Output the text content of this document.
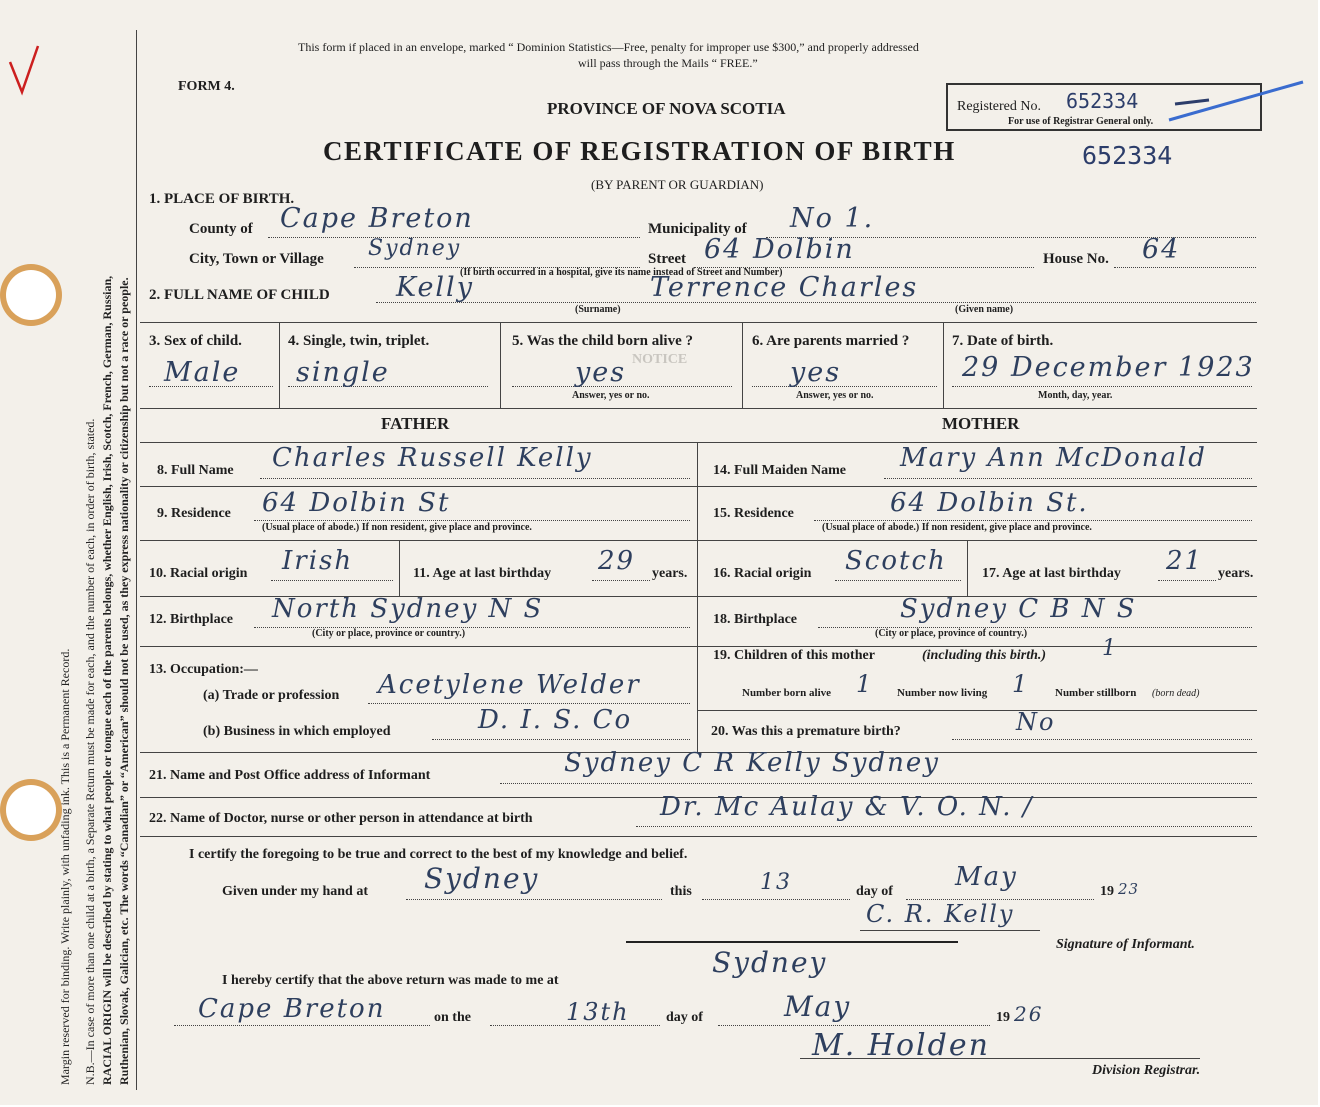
Margin reserved for binding. Write plainly, with unfading ink. This is a Permanent Record. N.B.—In case of more than one child at a birth, a Separate Return must be made for each, and the number of each, in order of birth, stated. RACIAL ORIGIN will be described by stating to what people or tongue each of the parents belongs, whether English, Irish, Scotch, French, German, Russian, Ruthenian, Slovak, Galician, etc. The words “Canadian” or “American” should not be used, as they express nationality or citizenship but not a race or people.
This form if placed in an envelope, marked “ Dominion Statistics—Free, penalty for improper use $300,” and properly addressed
will pass through the Mails “ FREE.”
FORM 4.
PROVINCE OF NOVA SCOTIA	Registered No. 652334
For use of Registrar General only.
CERTIFICATE OF REGISTRATION OF BIRTH	652334
(BY PARENT OR GUARDIAN)
1. PLACE OF BIRTH.
County of Cape Breton	Municipality of No 1.
City, Town or Village Sydney	Street 64 Dolbin
(If birth occurred in a hospital, give its name instead of Street and Number)
House No. 64
2. FULL NAME OF CHILD Kelly	Terrence Charles
(Surname)	(Given name)
3. Sex of child.
Male
4. Single, twin, triplet.
single
5. Was the child born alive ?
yes
Answer, yes or no.
6. Are parents married ?
yes
Answer, yes or no.
7. Date of birth.
29 December 1923
Month, day, year.
NOTICE
FATHER	MOTHER
8. Full Name Charles Russell Kelly
9. Residence 64 Dolbin St
(Usual place of abode.) If non resident, give place and province.
10. Racial origin Irish	11. Age at last birthday 29 years.
12. Birthplace North Sydney N S
(City or place, province or country.)
13. Occupation:—
(a) Trade or profession Acetylene Welder
(b) Business in which employed	D. I. S. Co
14. Full Maiden Name Mary Ann McDonald
15. Residence	64 Dolbin St.
(Usual place of abode.) If non resident, give place and province.
16. Racial origin Scotch	17. Age at last birthday 21 years.
18. Birthplace	Sydney C B N S
(City or place, province of country.)
19. Children of this mother	(including this birth.)	1
Number born alive 1 Number now living 1 Number stillborn (born dead)
20. Was this a premature birth?	No
21. Name and Post Office address of Informant	Sydney C R Kelly Sydney
22. Name of Doctor, nurse or other person in attendance at birth	Dr. Mc Aulay & V. O. N. /
I certify the foregoing to be true and correct to the best of my knowledge and belief.
Given under my hand at Sydney	this	13	day of May	19 23
C. R. Kelly
Signature of Informant.
I hereby certify that the above return was made to me at
Sydney
Cape Breton	on the	13th	day of	May	19 26
M. Holden
Division Registrar.
